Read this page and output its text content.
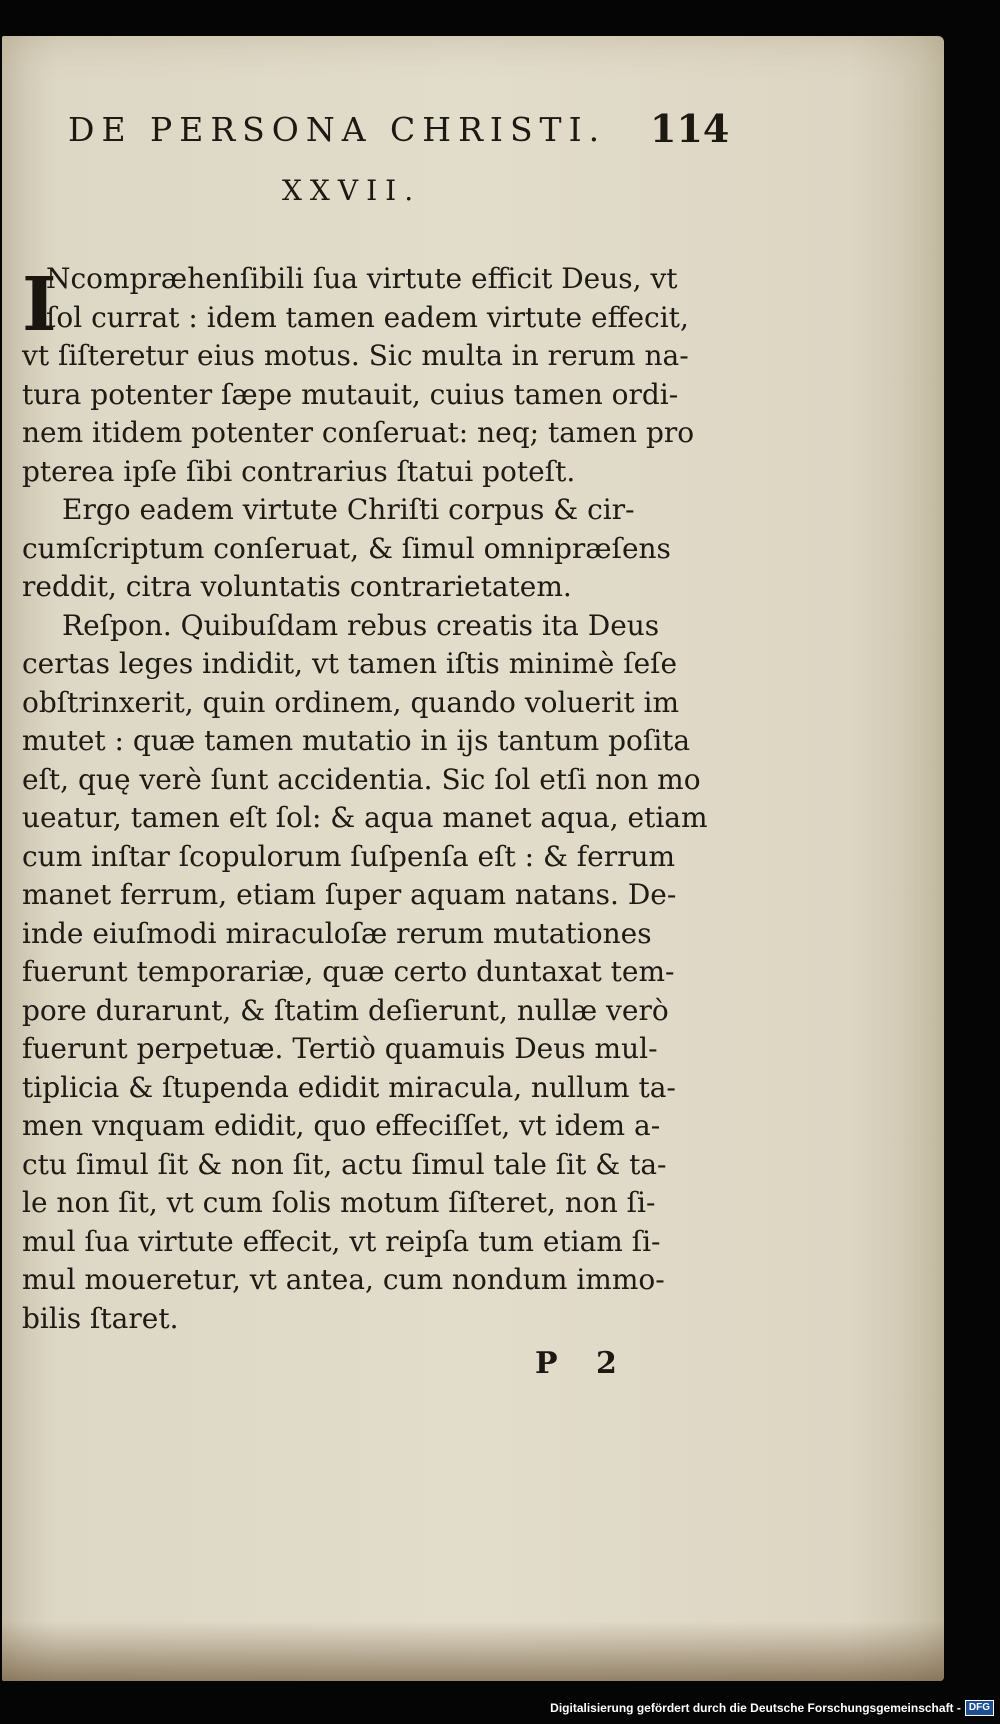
DE PERSONA CHRISTI.	114
XXVII.
I
Ncomprӕhenſibili ſua virtute efficit Deus, vt
ſol currat : idem tamen eadem virtute effecit,
vt ſiſteretur eius motus. Sic multa in rerum na-
tura potenter ſæpe mutauit, cuius tamen ordi-
nem itidem potenter conſeruat: neq; tamen pro
pterea ipſe ſibi contrarius ſtatui poteſt.
Ergo eadem virtute Chriſti corpus & cir-
cumſcriptum conſeruat, & ſimul omnipræſens
reddit, citra voluntatis contrarietatem.
Reſpon. Quibuſdam rebus creatis ita Deus
certas leges indidit, vt tamen iſtis minimè ſeſe
obſtrinxerit, quin ordinem, quando voluerit im
mutet : quæ tamen mutatio in ijs tantum poſita
eſt, quę verè ſunt accidentia. Sic ſol etſi non mo
ueatur, tamen eſt ſol: & aqua manet aqua, etiam
cum inſtar ſcopulorum ſuſpenſa eſt : & ferrum
manet ferrum, etiam ſuper aquam natans. De-
inde eiuſmodi miraculoſæ rerum mutationes
fuerunt temporariæ, quæ certo duntaxat tem-
pore durarunt, & ſtatim deſierunt, nullæ verò
fuerunt perpetuæ. Tertiò quamuis Deus mul-
tiplicia & ſtupenda edidit miracula, nullum ta-
men vnquam edidit, quo effeciſſet, vt idem a-
ctu ſimul ſit & non ſit, actu ſimul tale ſit & ta-
le non ſit, vt cum ſolis motum ſiſteret, non ſi-
mul ſua virtute effecit, vt reipſa tum etiam ſi-
mul moueretur, vt antea, cum nondum immo-
bilis ſtaret.
P 2
Digitalisierung gefördert durch die Deutsche Forschungsgemeinschaft - DFG
